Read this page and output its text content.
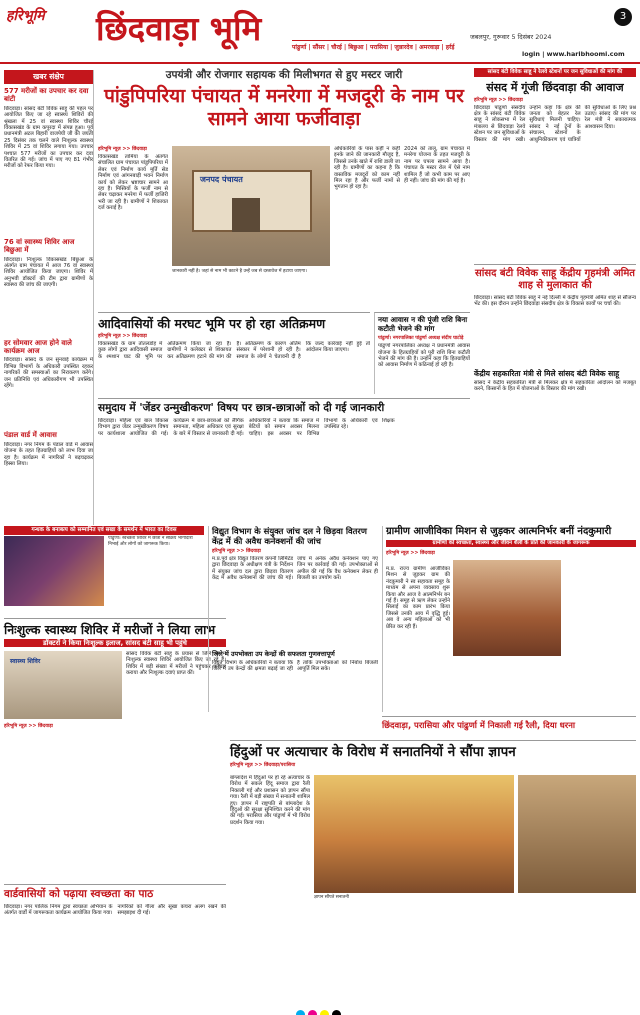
हरिभूमि छिंदवाड़ा भूमि	3
जबलपुर, गुरूवार 5 दिसंबर 2024
login | www.haribhoomi.com
पांढुर्णा | सौंसर | चौरई | बिछुआ | परासिया | जुन्नारदेव | अमरवाड़ा | हर्रई
खबर संक्षेप
577 मरीजों का उपचार कर दवा बांटी
छिंदवाड़ा। सांसद बंटी विवेक साहू की पहल पर आयोजित किए जा रहे स्वास्थ्य शिविरों की श्रृंखला में 25 वां स्वास्थ्य शिविर चौरई विकासखंड के ग्राम कपुरदा में संपन्न हुआ। पूर्व प्रधानमंत्री अटल बिहारी वाजपेयी जी की जयंती 25 दिसंबर तक चलने वाले निःशुल्क स्वास्थ्य शिविर में 25 वां शिविर लगाया गया। उपचार पश्चात 577 मरीजों का उपचार कर दवा वितरित की गई। जांच में पाए गए 81 गंभीर मरीजों को रेफर किया गया।
76 वां स्वास्थ्य शिविर आज बिछुआ में
छिंदवाड़ा। निःशुल्क विकासखंड बिछुआ के अंतर्गत ग्राम पंचायत में आज 76 वां स्वास्थ्य शिविर आयोजित किया जाएगा। शिविर में अनुभवी डॉक्टरों की टीम द्वारा ग्रामीणों के स्वास्थ्य की जांच की जाएगी।
हर सोमवार आज होने वाले कार्यक्रम आज
छिंदवाड़ा। सांसद के जन सुनवाई कार्यक्रम में विभिन्न विभागों के अधिकारी उपस्थित रहकर नागरिकों की समस्याओं का निराकरण करेंगे। जन प्रतिनिधि एवं अधिकारीगण भी उपस्थित रहेंगे।
पंडाल वार्ड में आवास
छिंदवाड़ा। नगर निगम के पंडाल वार्ड में आवास योजना के तहत हितग्राहियों को लाभ दिया जा रहा है। कार्यक्रम में नागरिकों ने बढ़चढ़कर हिस्सा लिया।
उपयंत्री और रोजगार सहायक की मिलीभगत से हुए मस्टर जारी
पांडुपिपरिया पंचायत में मनरेगा में मजदूरी के नाम पर सामने आया फर्जीवाड़ा
हरिभूमि न्यूज़ >> छिंदवाड़ा
विकासखंड तामिया के अंतर्गत संचालित ग्राम पंचायत पांडुपिपरिया में लेबर एवं निर्माण कार्य मूर्ति सेड निर्माण एवं आंगनबाड़ी भवन निर्माण कार्य को लेकर भ्रष्टाचार सामने आ रहा है। मिस्त्रियों के फर्जी नाम से लेबर चढ़ाकर मनरेगा में फर्जी हाजिरी भरी जा रही है। ग्रामीणों ने शिकायत दर्ज कराई है।
जनपद पंचायत
जानकारी नहीं है। जहां से नाम भी काटने है उन्हें जब से दस्तावेज में हटाया जाएगा।
अधिकारियों के पास कहीं न कहीं इनके जाने की जानकारी मौजूद है, जिससे उनके खाते में राशि डाली जा रही है। ग्रामीणों का कहना है कि वास्तविक मजदूरों को काम नहीं मिल रहा है और फर्जी नामों से भुगतान हो रहा है।
2024 को तालू, ग्राम पंचायत में मनरेगा योजना के तहत मजदूरी के नाम पर घपला सामने आया है। पंचायत के मस्टर रोल में ऐसे नाम शामिल हैं जो कभी काम पर आए ही नहीं। जांच की मांग की गई है।
सांसद बंटी विवेक साहू ने रेलवे स्टेशनों पर जन सुविधाओं की मांग की
संसद में गूंजी छिंदवाड़ा की आवाज
हरिभूमि न्यूज़ >> छिंदवाड़ा
छिंदवाड़ा पांढुर्णा संसदीय क्षेत्र के सांसद बंटी विवेक साहू ने लोकसभा में रेल मंत्रालय से छिंदवाड़ा रेलवे स्टेशन पर जन सुविधाओं के विस्तार की मांग रखी। उन्होंने कहा कि क्षेत्र की जनता को बेहतर रेल सुविधाएं मिलनी चाहिए। सांसद ने नई ट्रेनों के संचालन, स्टेशनों के आधुनिकीकरण एवं यात्रियों की सुविधाओं के लिए प्रश्न उठाए। सांसद की मांग पर रेल मंत्री ने सकारात्मक आश्वासन दिया।
सांसद बंटी विवेक साहू केंद्रीय गृहमंत्री अमित शाह से मुलाकात की
छिंदवाड़ा। सांसद बंटी विवेक साहू ने नई दिल्ली में केंद्रीय गृहमंत्री अमित शाह से सौजन्य भेंट की। इस दौरान उन्होंने छिंदवाड़ा संसदीय क्षेत्र के विकास कार्यों पर चर्चा की।
केंद्रीय सहकारिता मंत्री से मिले सांसद बंटी विवेक साहू
सांसद ने केंद्रीय सहकारिता मंत्री से मिलकर क्षेत्र में सहकारिता आंदोलन को मजबूत करने, किसानों के हित में योजनाओं के विस्तार की मांग रखी।
आदिवासियों की मरघट भूमि पर हो रहा अतिक्रमण
हरिभूमि न्यूज़ >> छिंदवाड़ा
विकासखंड के ग्राम तोतलडोह में कुछ लोगों द्वारा आदिवासी समाज के श्मशान घाट की भूमि पर अतिक्रमण किया जा रहा है। ग्रामीणों ने कलेक्टर से शिकायत कर अतिक्रमण हटाने की मांग की है। अतिक्रमण के कारण अंतिम संस्कार में परेशानी हो रही है। समाज के लोगों ने चेतावनी दी है कि जल्द कार्रवाई नहीं हुई तो आंदोलन किया जाएगा।
नया आवास न की पूंजी राशि बिना कटौती भेजने की मांग
पांढुर्णा। नगरपालिका पांढुर्णा अध्यक्ष संदीप घाटोड़े
पांढुर्णा नगरपालिका अध्यक्ष ने प्रधानमंत्री आवास योजना के हितग्राहियों को पूरी राशि बिना कटौती भेजने की मांग की है। उन्होंने कहा कि हितग्राहियों को आवास निर्माण में कठिनाई हो रही है।
समुदाय में 'जेंडर उन्मुखीकरण' विषय पर छात्र-छात्राओं को दी गई जानकारी
छिंदवाड़ा। महिला एवं बाल विकास विभाग द्वारा जेंडर उन्मुखीकरण विषय पर कार्यशाला आयोजित की गई। कार्यक्रम में छात्र-छात्राओं को लैंगिक समानता, महिला अधिकार एवं सुरक्षा के बारे में विस्तार से जानकारी दी गई। अधिकारियों ने बताया कि समाज में बेटियों को समान अवसर मिलना चाहिए। इस अवसर पर विभिन्न विभागों के अधिकारी एवं शिक्षक उपस्थित रहे।
गन्धक के बनाबत्य को सम्मानित एवं सखा के समर्थन में भारत का दिवस
पांढुर्णा। स्वच्छता शिविर में छात्रों ने सक्रिय भागीदारी निभाई और लोगों को जागरूक किया।
निःशुल्क स्वास्थ्य शिविर में मरीजों ने लिया लाभ
डॉक्टरों ने किया निःशुल्क इलाज, सांसद बंटी साहू भी पहुंचे
स्वास्थ्य शिविर
सांसद विवेक बंटी साहू के प्रयास से जिले भर में निःशुल्क स्वास्थ्य शिविर आयोजित किए जा रहे हैं। शिविर में बड़ी संख्या में मरीजों ने पहुंचकर उपचार कराया और निःशुल्क दवाएं प्राप्त कीं।
हरिभूमि न्यूज़ >> छिंदवाड़ा
वार्डवासियों को पढ़ाया स्वच्छता का पाठ
छिंदवाड़ा। नगर पालिक निगम द्वारा स्वच्छता अभियान के अंतर्गत वार्डों में जागरूकता कार्यक्रम आयोजित किया गया। नागरिकों को गीला और सूखा कचरा अलग रखने की समझाइश दी गई।
विद्युत विभाग के संयुक्त जांच दल ने छिड़वा वितरण केंद्र में की अवैध कनेक्शनों की जांच
हरिभूमि न्यूज़ >> छिंदवाड़ा
म.प्र.पूर्व क्षेत्र विद्युत वितरण कंपनी लिमिटेड द्वारा छिंदवाड़ा के अधीक्षण यंत्री के निर्देशन में संयुक्त जांच दल द्वारा छिड़वा वितरण केंद्र में अवैध कनेक्शनों की जांच की गई। जांच में अनेक अवैध कनेक्शन पाए गए जिन पर कार्रवाई की गई। उपभोक्ताओं से अपील की गई कि वैध कनेक्शन लेकर ही बिजली का उपयोग करें।
जिले में उपभोक्ता उप केन्द्रों की सफलता गुणवत्तापूर्ण
विद्युत विभाग के अधिकारियों ने बताया कि जिले में उप केन्द्रों की क्षमता बढ़ाई जा रही है ताकि उपभोक्ताओं को निर्बाध बिजली आपूर्ति मिल सके।
ग्रामीण आजीविका मिशन से जुड़कर आत्मनिर्भर बनीं नंदकुमारी
ग्रामीणों को स्वच्छता, स्वास्थ्य और जीवन शैली के प्रति की जानकारी के जागरूक
हरिभूमि न्यूज़ >> छिंदवाड़ा
म.प्र. राज्य ग्रामीण आजीविका मिशन से जुड़कर ग्राम की नंदकुमारी ने स्व सहायता समूह के माध्यम से अपना व्यवसाय शुरू किया और आज वे आत्मनिर्भर बन गई हैं। समूह से ऋण लेकर उन्होंने सिलाई का काम प्रारंभ किया जिससे उनकी आय में वृद्धि हुई। अब वे अन्य महिलाओं को भी प्रेरित कर रही हैं।
छिंदवाड़ा, परासिया और पांढुर्णा में निकाली गई रैली, दिया धरना
हिंदुओं पर अत्याचार के विरोध में सनातनियों ने सौंपा ज्ञापन
हरिभूमि न्यूज़ >> छिंदवाड़ा/परासिया
बांग्लादेश में हिंदुओं पर हो रहे अत्याचार के विरोध में सकल हिंदू समाज द्वारा रैली निकाली गई और प्रशासन को ज्ञापन सौंपा गया। रैली में बड़ी संख्या में सनातनी शामिल हुए। ज्ञापन में राष्ट्रपति से बांग्लादेश के हिंदुओं की सुरक्षा सुनिश्चित करने की मांग की गई। परासिया और पांढुर्णा में भी विरोध प्रदर्शन किया गया।
ज्ञापन सौंपते सनातनी
